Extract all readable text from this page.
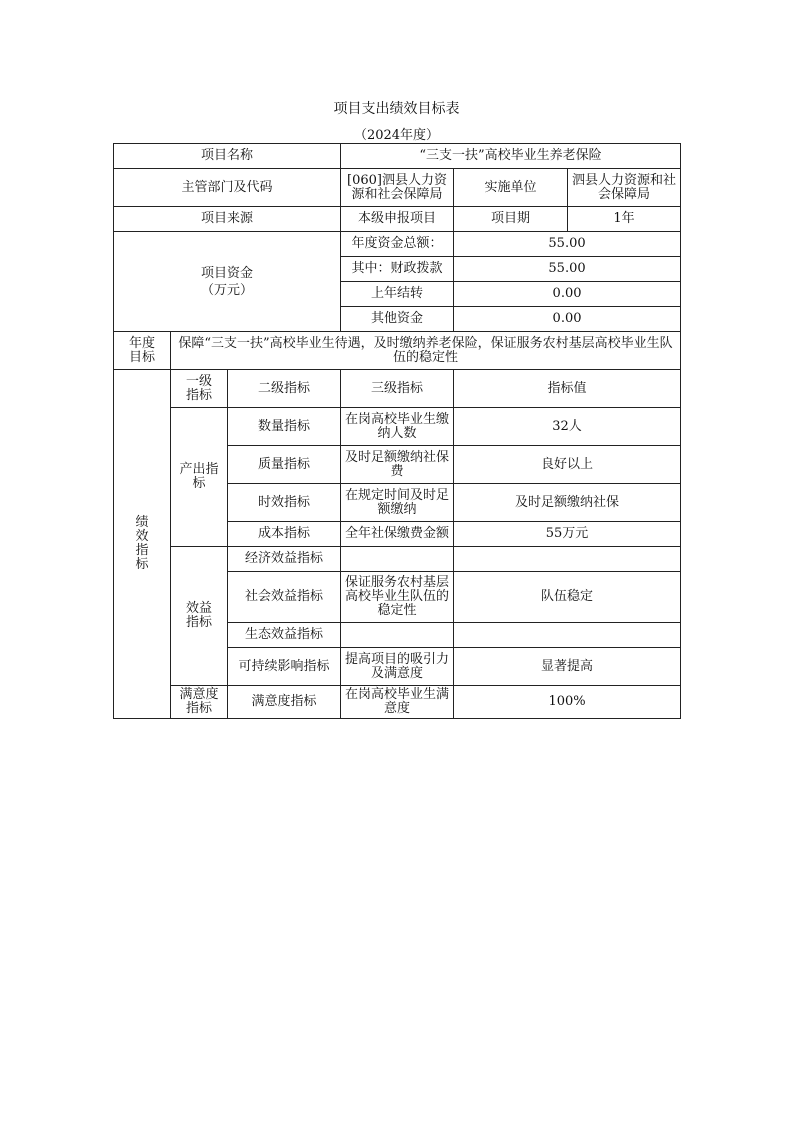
项目支出绩效目标表
（2024年度）
项目名称			“三支一扶”高校毕业生养老保险		
主管部门及代码			[060]泗县人力资源和社会保障局	实施单位	泗县人力资源和社会保障局
项目来源			本级申报项目	项目期	1年

项目资金（万元）			年度资金总额：	55.00	
			其中：财政拨款	55.00	
			上年结转	0.00	
			其他资金	0.00	

年度目标	保障“三支一扶”高校毕业生待遇，及时缴纳养老保险，保证服务农村基层高校毕业生队伍的稳定性				

绩效指标	一级指标	二级指标	三级指标	指标值	

	产出指标	数量指标	在岗高校毕业生缴纳人数	32人	
		质量指标	及时足额缴纳社保费	良好以上	
		时效指标	在规定时间及时足额缴纳	及时足额缴纳社保	
		成本指标	全年社保缴费金额	55万元	

	效益指标	经济效益指标			
		社会效益指标	保证服务农村基层高校毕业生队伍的稳定性	队伍稳定	
		生态效益指标			
		可持续影响指标	提高项目的吸引力及满意度	显著提高	

	满意度指标	满意度指标	在岗高校毕业生满意度	100%	
